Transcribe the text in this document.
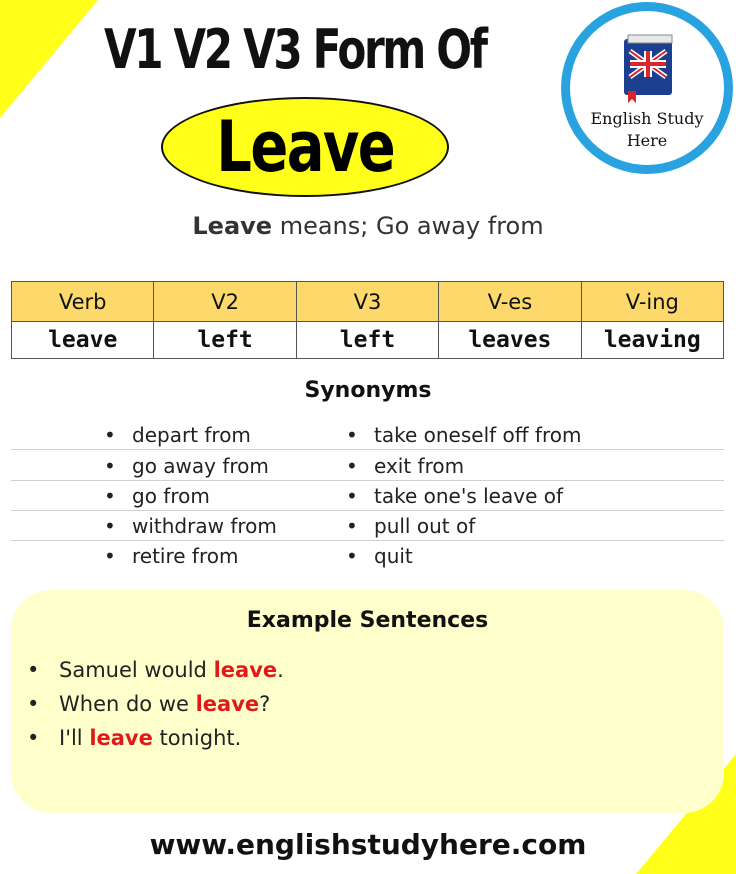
V1 V2 V3 Form Of
Leave	English Study
Here
Leave means; Go away from
Verb	V2	V3	V-es	V-ing
leave	left	left	leaves	leaving
Synonyms
• depart from	• take oneself off from
• go away from	• exit from
• go from	• take one's leave of
• withdraw from	• pull out of
• retire from	• quit
Example Sentences
• Samuel would leave.
• When do we leave?
• I'll leave tonight.
www.englishstudyhere.com
